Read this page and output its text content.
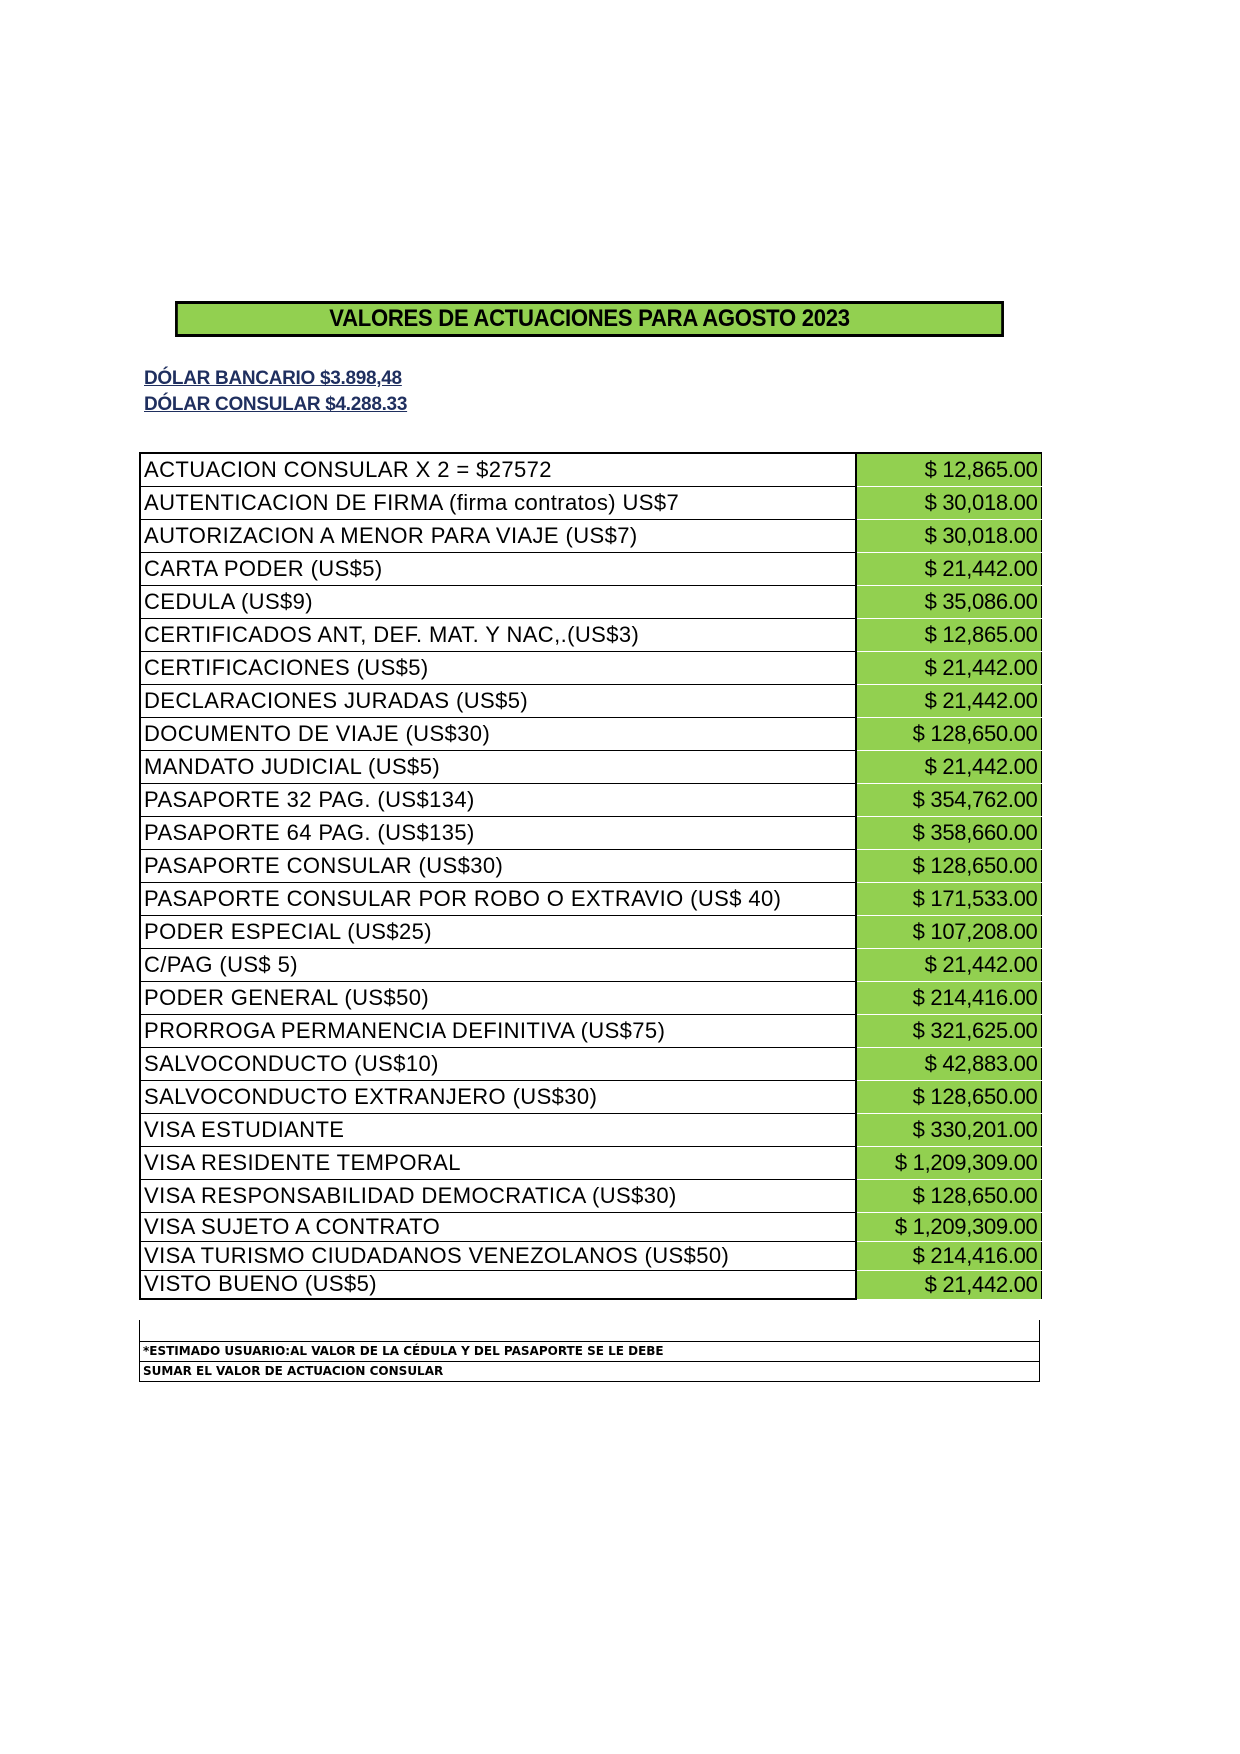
VALORES DE ACTUACIONES PARA AGOSTO 2023
DÓLAR BANCARIO $3.898,48
DÓLAR CONSULAR $4.288.33
ACTUACION CONSULAR X 2 = $27572	$ 12,865.00
AUTENTICACION DE FIRMA (firma contratos) US$7	$ 30,018.00
AUTORIZACION A MENOR PARA VIAJE (US$7)	$ 30,018.00
CARTA PODER (US$5)	$ 21,442.00
CEDULA (US$9)	$ 35,086.00
CERTIFICADOS ANT, DEF. MAT. Y NAC,.(US$3)	$ 12,865.00
CERTIFICACIONES (US$5)	$ 21,442.00
DECLARACIONES JURADAS (US$5)	$ 21,442.00
DOCUMENTO DE VIAJE (US$30)	$ 128,650.00
MANDATO JUDICIAL (US$5)	$ 21,442.00
PASAPORTE 32 PAG. (US$134)	$ 354,762.00
PASAPORTE 64 PAG. (US$135)	$ 358,660.00
PASAPORTE CONSULAR (US$30)	$ 128,650.00
PASAPORTE CONSULAR POR ROBO O EXTRAVIO (US$ 40)	$ 171,533.00
PODER ESPECIAL (US$25)	$ 107,208.00
C/PAG (US$ 5)	$ 21,442.00
PODER GENERAL (US$50)	$ 214,416.00
PRORROGA PERMANENCIA DEFINITIVA (US$75)	$ 321,625.00
SALVOCONDUCTO (US$10)	$ 42,883.00
SALVOCONDUCTO EXTRANJERO (US$30)	$ 128,650.00
VISA ESTUDIANTE	$ 330,201.00
VISA RESIDENTE TEMPORAL	$ 1,209,309.00
VISA RESPONSABILIDAD DEMOCRATICA (US$30)	$ 128,650.00
VISA SUJETO A CONTRATO	$ 1,209,309.00
VISA TURISMO CIUDADANOS VENEZOLANOS (US$50)	$ 214,416.00
VISTO BUENO (US$5)	$ 21,442.00
*ESTIMADO USUARIO:AL VALOR DE LA CÉDULA Y DEL PASAPORTE SE LE DEBE
SUMAR EL VALOR DE ACTUACION CONSULAR
